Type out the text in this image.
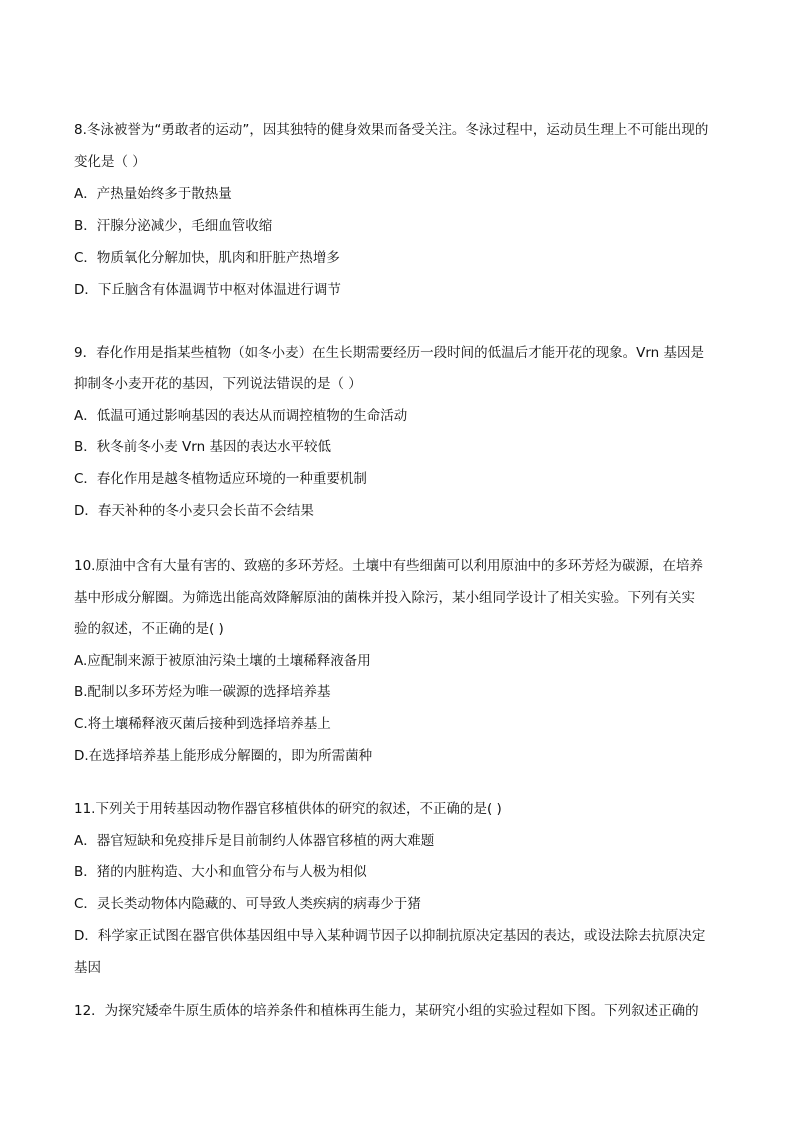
8.冬泳被誉为“勇敢者的运动”，因其独特的健身效果而备受关注。冬泳过程中，运动员生理上不可能出现的
变化是（ ）
A．产热量始终多于散热量
B．汗腺分泌减少，毛细血管收缩
C．物质氧化分解加快，肌肉和肝脏产热增多
D．下丘脑含有体温调节中枢对体温进行调节
9．春化作用是指某些植物（如冬小麦）在生长期需要经历一段时间的低温后才能开花的现象。Vrn 基因是
抑制冬小麦开花的基因，下列说法错误的是（ ）
A．低温可通过影响基因的表达从而调控植物的生命活动
B．秋冬前冬小麦 Vrn 基因的表达水平较低
C．春化作用是越冬植物适应环境的一种重要机制
D．春天补种的冬小麦只会长苗不会结果
10.原油中含有大量有害的、致癌的多环芳烃。土壤中有些细菌可以利用原油中的多环芳烃为碳源，在培养
基中形成分解圈。为筛选出能高效降解原油的菌株并投入除污，某小组同学设计了相关实验。下列有关实
验的叙述，不正确的是( )
A.应配制来源于被原油污染土壤的土壤稀释液备用
B.配制以多环芳烃为唯一碳源的选择培养基
C.将土壤稀释液灭菌后接种到选择培养基上
D.在选择培养基上能形成分解圈的，即为所需菌种
11.下列关于用转基因动物作器官移植供体的研究的叙述，不正确的是( )
A．器官短缺和免疫排斥是目前制约人体器官移植的两大难题
B．猪的内脏构造、大小和血管分布与人极为相似
C．灵长类动物体内隐藏的、可导致人类疾病的病毒少于猪
D．科学家正试图在器官供体基因组中导入某种调节因子以抑制抗原决定基因的表达，或设法除去抗原决定
基因
12．为探究矮牵牛原生质体的培养条件和植株再生能力，某研究小组的实验过程如下图。下列叙述正确的
